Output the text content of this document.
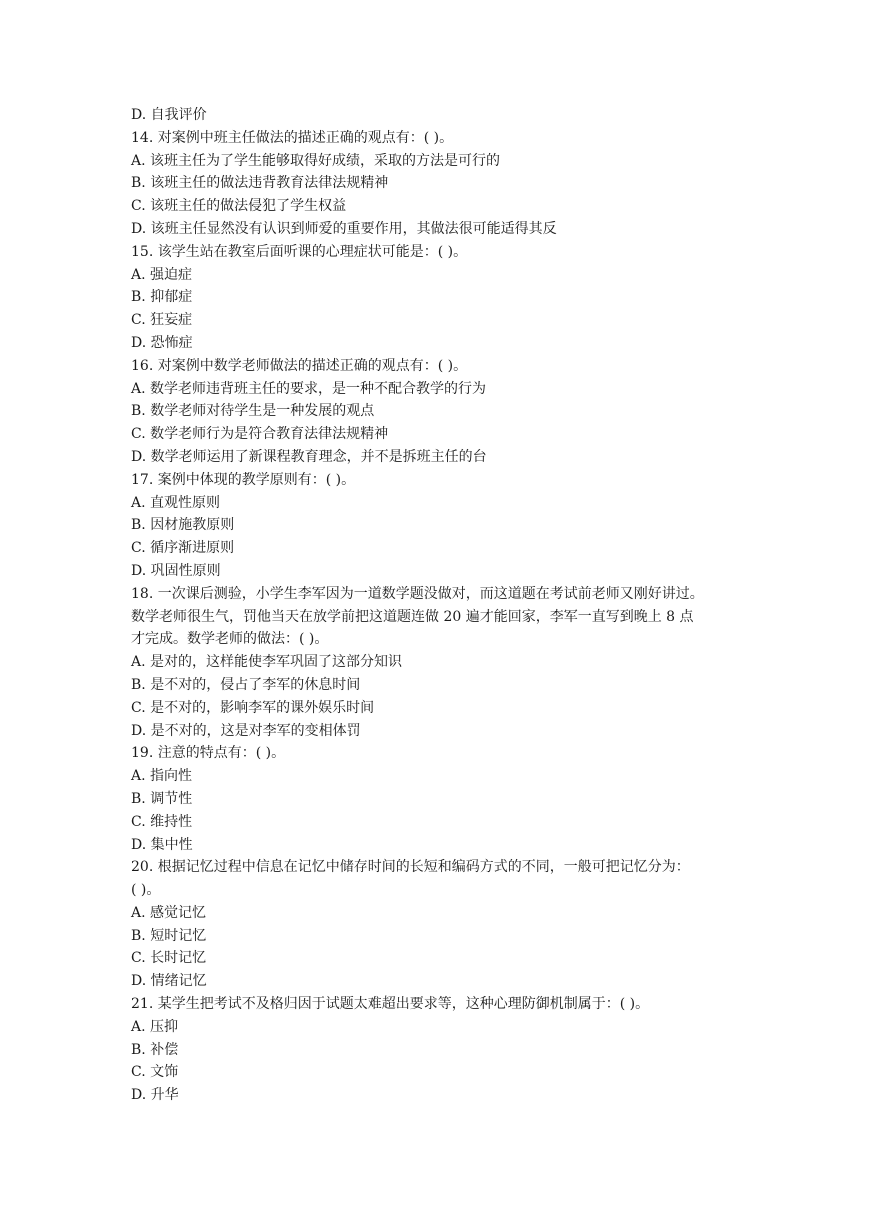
D. 自我评价
14. 对案例中班主任做法的描述正确的观点有：( )。
A. 该班主任为了学生能够取得好成绩，采取的方法是可行的
B. 该班主任的做法违背教育法律法规精神
C. 该班主任的做法侵犯了学生权益
D. 该班主任显然没有认识到师爱的重要作用，其做法很可能适得其反
15. 该学生站在教室后面听课的心理症状可能是：( )。
A. 强迫症
B. 抑郁症
C. 狂妄症
D. 恐怖症
16. 对案例中数学老师做法的描述正确的观点有：( )。
A. 数学老师违背班主任的要求，是一种不配合教学的行为
B. 数学老师对待学生是一种发展的观点
C. 数学老师行为是符合教育法律法规精神
D. 数学老师运用了新课程教育理念，并不是拆班主任的台
17. 案例中体现的教学原则有：( )。
A. 直观性原则
B. 因材施教原则
C. 循序渐进原则
D. 巩固性原则
18. 一次课后测验，小学生李军因为一道数学题没做对，而这道题在考试前老师又刚好讲过。
数学老师很生气，罚他当天在放学前把这道题连做 20 遍才能回家，李军一直写到晚上 8 点
才完成。数学老师的做法：( )。
A. 是对的，这样能使李军巩固了这部分知识
B. 是不对的，侵占了李军的休息时间
C. 是不对的，影响李军的课外娱乐时间
D. 是不对的，这是对李军的变相体罚
19. 注意的特点有：( )。
A. 指向性
B. 调节性
C. 维持性
D. 集中性
20. 根据记忆过程中信息在记忆中储存时间的长短和编码方式的不同，一般可把记忆分为：
( )。
A. 感觉记忆
B. 短时记忆
C. 长时记忆
D. 情绪记忆
21. 某学生把考试不及格归因于试题太难超出要求等，这种心理防御机制属于：( )。
A. 压抑
B. 补偿
C. 文饰
D. 升华
